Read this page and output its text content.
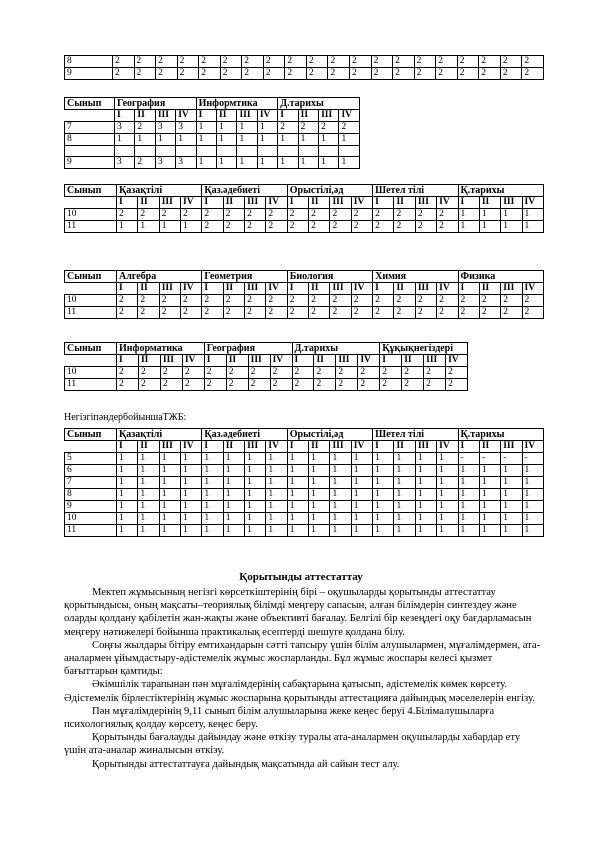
8	2	2	2	2	2	2	2	2	2	2	2	2	2	2	2	2	2	2	2	2
9	2	2	2	2	2	2	2	2	2	2	2	2	2	2	2	2	2	2	2	2
Сынып	География				Информтика				Д.тарихы			
	I	II	III	IV	I	II	III	IV	I	II	III	IV
7	3	2	3	3	1	1	1	1	2	2	2	2
8	1	1	1	1	1	1	1	1	1	1	1	1

9	3	2	3	3	1	1	1	1	1	1	1	1
Сынып	Қазақтілі				Қаз.әдебиеті				Орыстілі,әд				Шетел тілі				Қ.тарихы			
	I	II	III	IV	I	II	III	IV	I	II	III	IV	I	II	III	IV	I	II	III	IV
10	2	2	2	2	2	2	2	2	2	2	2	2	2	2	2	2	1	1	1	1
11	1	1	1	1	2	2	2	2	2	2	2	2	2	2	2	2	1	1	1	1
Сынып	Алгебра				Геометрия				Биология				Химия				Физика			
	I	II	III	IV	I	II	III	IV	I	II	III	IV	I	II	III	IV	I	II	III	IV
10	2	2	2	2	2	2	2	2	2	2	2	2	2	2	2	2	2	2	2	2
11	2	2	2	2	2	2	2	2	2	2	2	2	2	2	2	2	2	2	2	2
Сынып	Информатика				География				Д.тарихы				Құқықнегіздері			
	I	II	III	IV	I	II	III	IV	I	II	III	IV	I	II	III	IV
10	2	2	2	2	2	2	2	2	2	2	2	2	2	2	2	2
11	2	2	2	2	2	2	2	2	2	2	2	2	2	2	2	2
НегізгіпәндербойыншаТЖБ:
Сынып	Қазақтілі				Қаз.әдебиеті				Орыстілі,әд				Шетел тілі				Қ.тарихы			
	I	II	III	IV	I	II	III	IV	I	II	III	IV	I	II	III	IV	I	II	III	IV
5	1	1	1	1	1	1	1	1	1	1	1	1	1	1	1	1	-	-	-	-
6	1	1	1	1	1	1	1	1	1	1	1	1	1	1	1	1	1	1	1	1
7	1	1	1	1	1	1	1	1	1	1	1	1	1	1	1	1	1	1	1	1
8	1	1	1	1	1	1	1	1	1	1	1	1	1	1	1	1	1	1	1	1
9	1	1	1	1	1	1	1	1	1	1	1	1	1	1	1	1	1	1	1	1
10	1	1	1	1	1	1	1	1	1	1	1	1	1	1	1	1	1	1	1	1
11	1	1	1	1	1	1	1	1	1	1	1	1	1	1	1	1	1	1	1	1
Қорытынды аттестаттау

Мектеп жұмысының негізгі көрсеткіштерінің бірі – оқушыларды қорытынды аттестаттау қорытындысы, оның мақсаты–теориялық білімді меңгеру сапасын, алған білімдерін синтездеу және оларды қолдану қабілетін жан-жақты және объективті бағалау. Белгілі бір кезеңдегі оқу бағдарламасын меңгеру нәтижелері бойынша практикалық есептерді шешуге қолдана білу.

Соңғы жылдары бітіру емтихандарын сәтті тапсыру үшін білім алушылармен, мұғалімдермен, ата-аналармен ұйымдастыру-әдістемелік жұмыс жоспарланды. Бұл жұмыс жоспары келесі қызмет бағыттарын қамтиды:

Әкімшілік тарапынан пән мұғалімдерінің сабақтарына қатысып, әдістемелік көмек көрсету.

Әдістемелік бірлестіктерінің жұмыс жоспарына қорытынды аттестацияға дайындық мәселелерін енгізу.

Пән мұғалімдерінің 9,11 сынып білім алушыларына жеке кеңес беруі 4.Білімалушыларға психологиялық қолдау көрсету, кеңес беру.

Қорытынды бағалауды дайындау және өткізу туралы ата-аналармен оқушыларды хабардар ету үшін ата-аналар жиналысын өткізу.

Қорытынды аттестаттауға дайындық мақсатында ай сайын тест алу.
